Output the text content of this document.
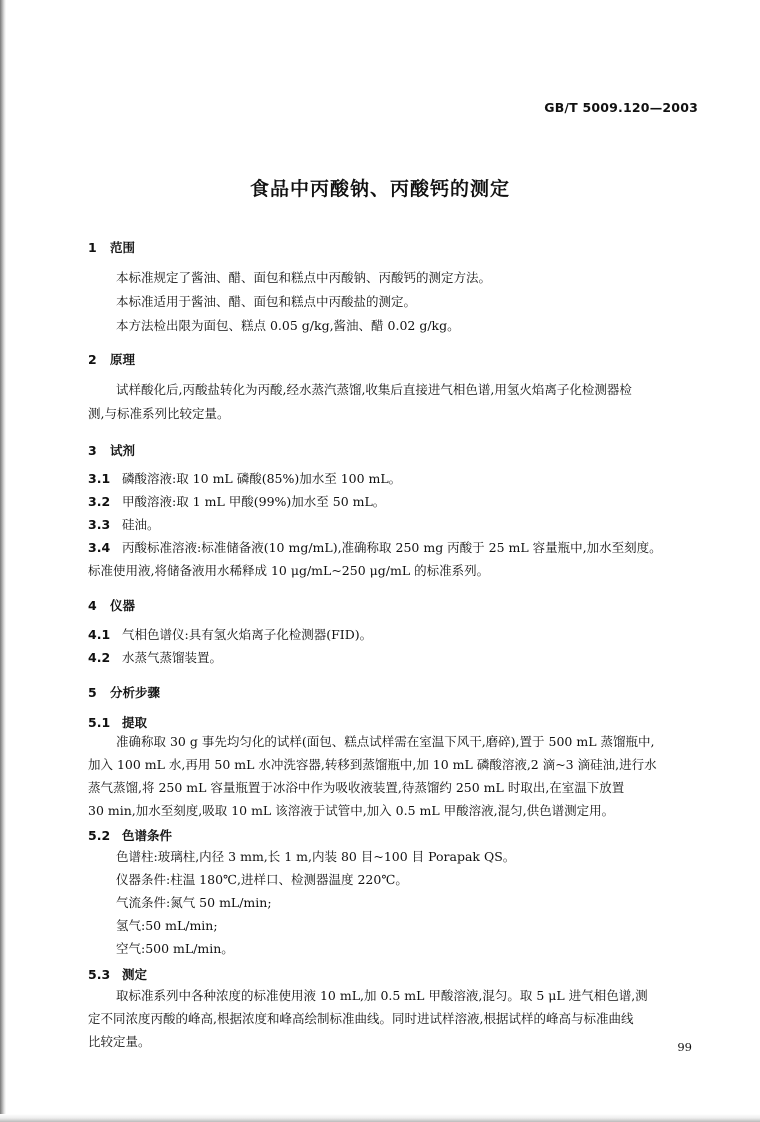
GB/T 5009.120—2003
食品中丙酸钠、丙酸钙的测定
1 范围
本标准规定了酱油、醋、面包和糕点中丙酸钠、丙酸钙的测定方法。
本标准适用于酱油、醋、面包和糕点中丙酸盐的测定。
本方法检出限为面包、糕点 0.05 g/kg,酱油、醋 0.02 g/kg。
2 原理
试样酸化后,丙酸盐转化为丙酸,经水蒸汽蒸馏,收集后直接进气相色谱,用氢火焰离子化检测器检
测,与标准系列比较定量。
3 试剂
3.1 磷酸溶液:取 10 mL 磷酸(85%)加水至 100 mL。
3.2 甲酸溶液:取 1 mL 甲酸(99%)加水至 50 mL。
3.3 硅油。
3.4 丙酸标准溶液:标准储备液(10 mg/mL),准确称取 250 mg 丙酸于 25 mL 容量瓶中,加水至刻度。
标准使用液,将储备液用水稀释成 10 μg/mL~250 μg/mL 的标准系列。
4 仪器
4.1 气相色谱仪:具有氢火焰离子化检测器(FID)。
4.2 水蒸气蒸馏装置。
5 分析步骤
5.1 提取
准确称取 30 g 事先均匀化的试样(面包、糕点试样需在室温下风干,磨碎),置于 500 mL 蒸馏瓶中,
加入 100 mL 水,再用 50 mL 水冲洗容器,转移到蒸馏瓶中,加 10 mL 磷酸溶液,2 滴~3 滴硅油,进行水
蒸气蒸馏,将 250 mL 容量瓶置于冰浴中作为吸收液装置,待蒸馏约 250 mL 时取出,在室温下放置
30 min,加水至刻度,吸取 10 mL 该溶液于试管中,加入 0.5 mL 甲酸溶液,混匀,供色谱测定用。
5.2 色谱条件
色谱柱:玻璃柱,内径 3 mm,长 1 m,内装 80 目~100 目 Porapak QS。
仪器条件:柱温 180℃,进样口、检测器温度 220℃。
气流条件:氮气 50 mL/min;
氢气:50 mL/min;
空气:500 mL/min。
5.3 测定
取标准系列中各种浓度的标准使用液 10 mL,加 0.5 mL 甲酸溶液,混匀。取 5 μL 进气相色谱,测
定不同浓度丙酸的峰高,根据浓度和峰高绘制标准曲线。同时进试样溶液,根据试样的峰高与标准曲线
比较定量。	99
